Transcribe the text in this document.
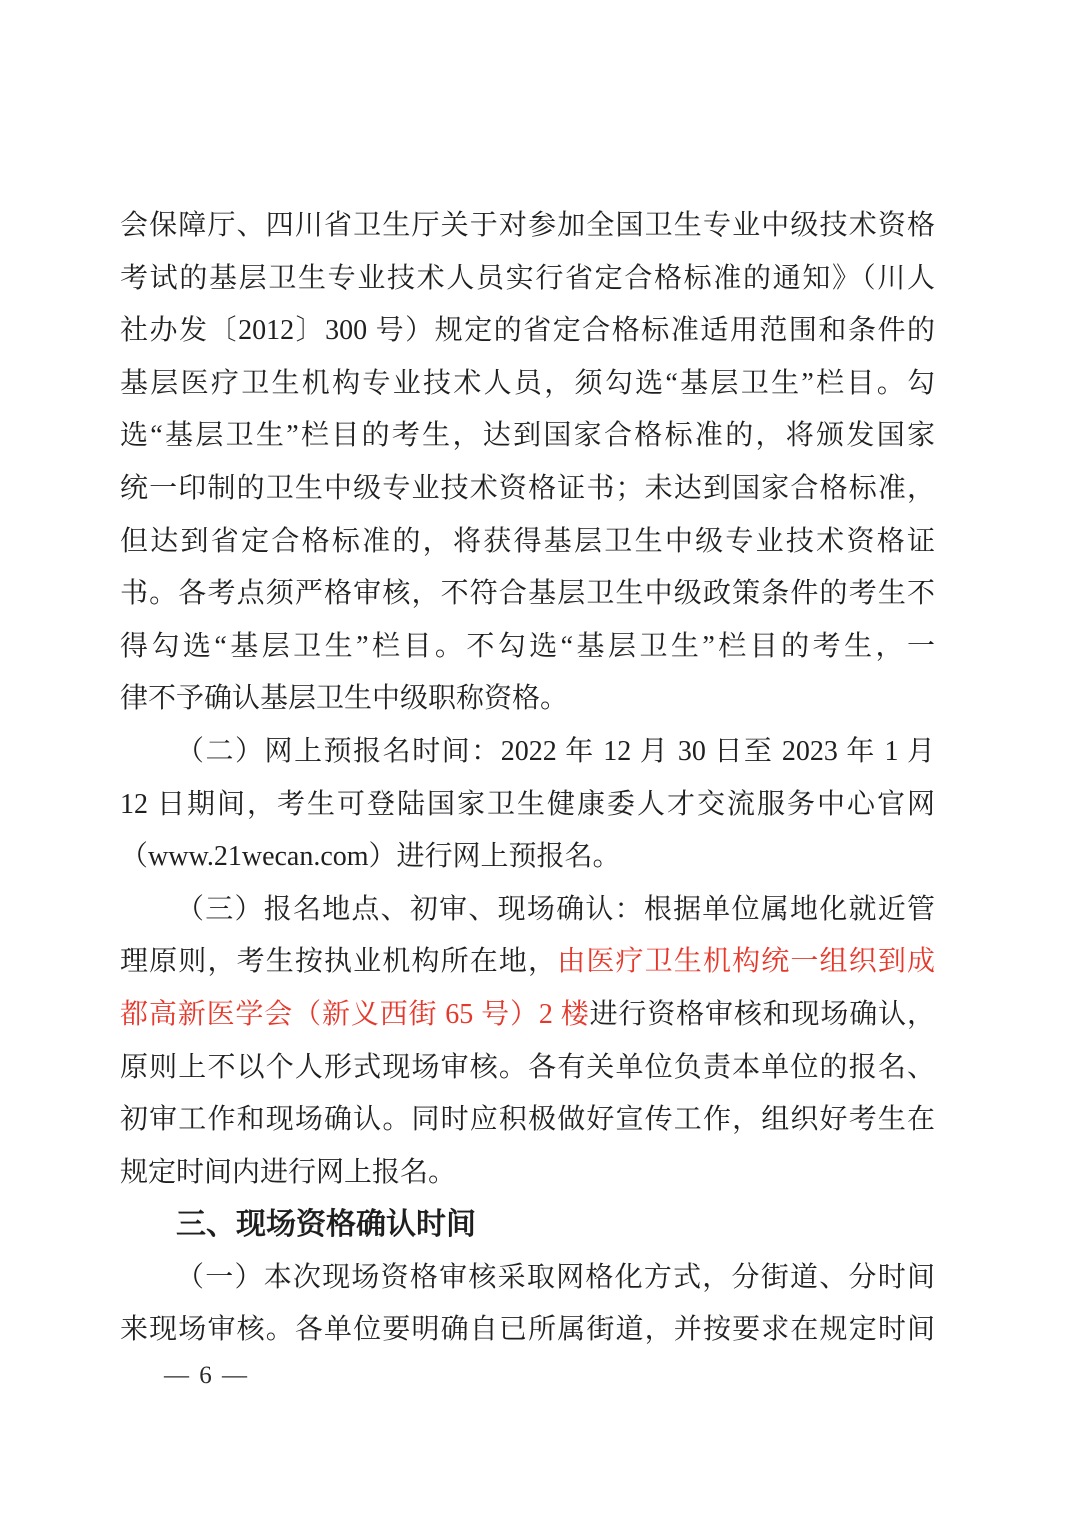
会保障厅、四川省卫生厅关于对参加全国卫生专业中级技术资格
考试的基层卫生专业技术人员实行省定合格标准的通知》（川人
社办发〔2012〕300 号）规定的省定合格标准适用范围和条件的
基层医疗卫生机构专业技术人员，须勾选“基层卫生”栏目。勾
选“基层卫生”栏目的考生，达到国家合格标准的，将颁发国家
统一印制的卫生中级专业技术资格证书；未达到国家合格标准，
但达到省定合格标准的，将获得基层卫生中级专业技术资格证
书。各考点须严格审核，不符合基层卫生中级政策条件的考生不
得勾选“基层卫生”栏目。不勾选“基层卫生”栏目的考生，一
律不予确认基层卫生中级职称资格。
（二）网上预报名时间：2022 年 12 月 30 日至 2023 年 1 月
12 日期间，考生可登陆国家卫生健康委人才交流服务中心官网
（www.21wecan.com）进行网上预报名。
（三）报名地点、初审、现场确认：根据单位属地化就近管
理原则，考生按执业机构所在地，由医疗卫生机构统一组织到成
都高新医学会（新义西街 65 号）2 楼进行资格审核和现场确认，
原则上不以个人形式现场审核。各有关单位负责本单位的报名、
初审工作和现场确认。同时应积极做好宣传工作，组织好考生在
规定时间内进行网上报名。
三、现场资格确认时间
（一）本次现场资格审核采取网格化方式，分街道、分时间
来现场审核。各单位要明确自已所属街道，并按要求在规定时间
— 6 —
